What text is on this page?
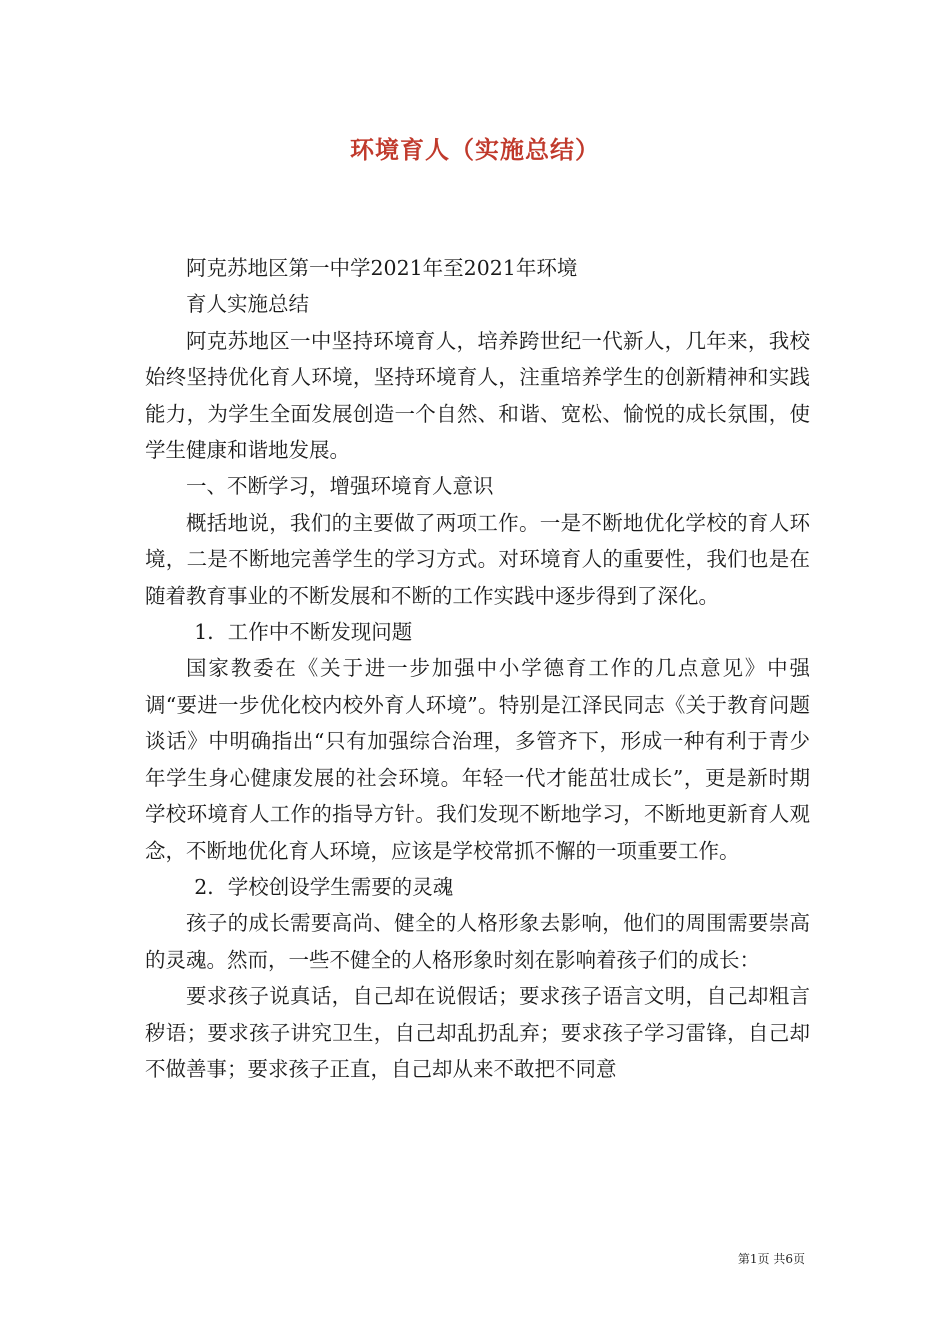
环境育人（实施总结）

阿克苏地区第一中学2021年至2021年环境

育人实施总结

阿克苏地区一中坚持环境育人，培养跨世纪一代新人，几年来，我校始终坚持优化育人环境，坚持环境育人，注重培养学生的创新精神和实践能力，为学生全面发展创造一个自然、和谐、宽松、愉悦的成长氛围，使学生健康和谐地发展。

一、不断学习，增强环境育人意识

概括地说，我们的主要做了两项工作。一是不断地优化学校的育人环境，二是不断地完善学生的学习方式。对环境育人的重要性，我们也是在随着教育事业的不断发展和不断的工作实践中逐步得到了深化。

1．工作中不断发现问题

国家教委在《关于进一步加强中小学德育工作的几点意见》中强调“要进一步优化校内校外育人环境”。特别是江泽民同志《关于教育问题谈话》中明确指出“只有加强综合治理，多管齐下，形成一种有利于青少年学生身心健康发展的社会环境。年轻一代才能茁壮成长”，更是新时期学校环境育人工作的指导方针。我们发现不断地学习，不断地更新育人观念，不断地优化育人环境，应该是学校常抓不懈的一项重要工作。

2．学校创设学生需要的灵魂

孩子的成长需要高尚、健全的人格形象去影响，他们的周围需要崇高的灵魂。然而，一些不健全的人格形象时刻在影响着孩子们的成长：

要求孩子说真话，自己却在说假话；要求孩子语言文明，自己却粗言秽语；要求孩子讲究卫生，自己却乱扔乱弃；要求孩子学习雷锋，自己却不做善事；要求孩子正直，自己却从来不敢把不同意

第1页 共6页
